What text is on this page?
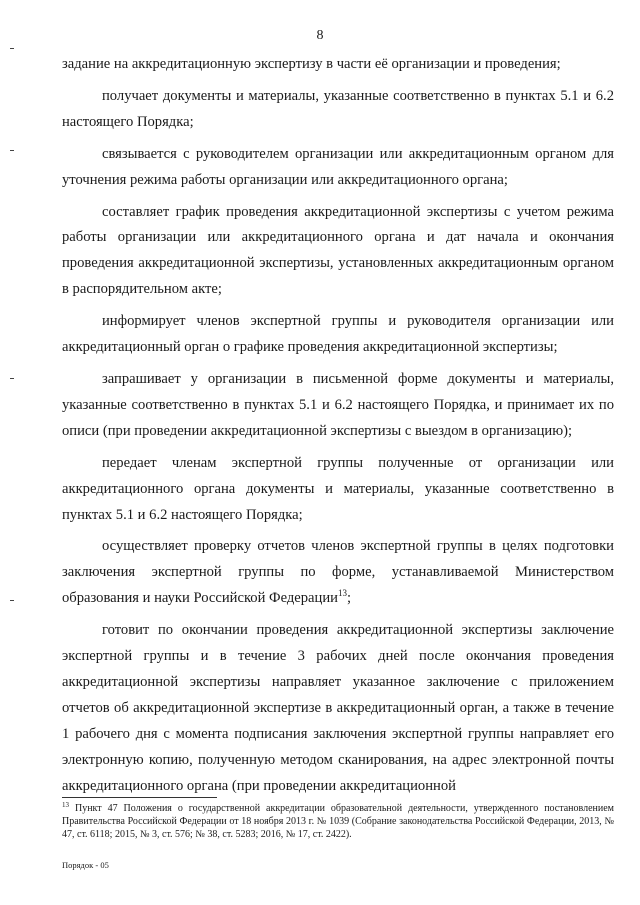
8

задание на аккредитационную экспертизу в части её организации и проведения;

получает документы и материалы, указанные соответственно в пунктах 5.1 и 6.2 настоящего Порядка;

связывается с руководителем организации или аккредитационным органом для уточнения режима работы организации или аккредитационного органа;

составляет график проведения аккредитационной экспертизы с учетом режима работы организации или аккредитационного органа и дат начала и окончания проведения аккредитационной экспертизы, установленных аккредитационным органом в распорядительном акте;

информирует членов экспертной группы и руководителя организации или аккредитационный орган о графике проведения аккредитационной экспертизы;

запрашивает у организации в письменной форме документы и материалы, указанные соответственно в пунктах 5.1 и 6.2 настоящего Порядка, и принимает их по описи (при проведении аккредитационной экспертизы с выездом в организацию);

передает членам экспертной группы полученные от организации или аккредитационного органа документы и материалы, указанные соответственно в пунктах 5.1 и 6.2 настоящего Порядка;

осуществляет проверку отчетов членов экспертной группы в целях подготовки заключения экспертной группы по форме, устанавливаемой Министерством образования и науки Российской Федерации$^{13}$;

готовит по окончании проведения аккредитационной экспертизы заключение экспертной группы и в течение 3 рабочих дней после окончания проведения аккредитационной экспертизы направляет указанное заключение с приложением отчетов об аккредитационной экспертизе в аккредитационный орган, а также в течение 1 рабочего дня с момента подписания заключения экспертной группы направляет его электронную копию, полученную методом сканирования, на адрес электронной почты аккредитационного органа (при проведении аккредитационной

$^{13}$ Пункт 47 Положения о государственной аккредитации образовательной деятельности, утвержденного постановлением Правительства Российской Федерации от 18 ноября 2013 г. № 1039 (Собрание законодательства Российской Федерации, 2013, № 47, ст. 6118; 2015, № 3, ст. 576; № 38, ст. 5283; 2016, № 17, ст. 2422).
Порядок - 05
